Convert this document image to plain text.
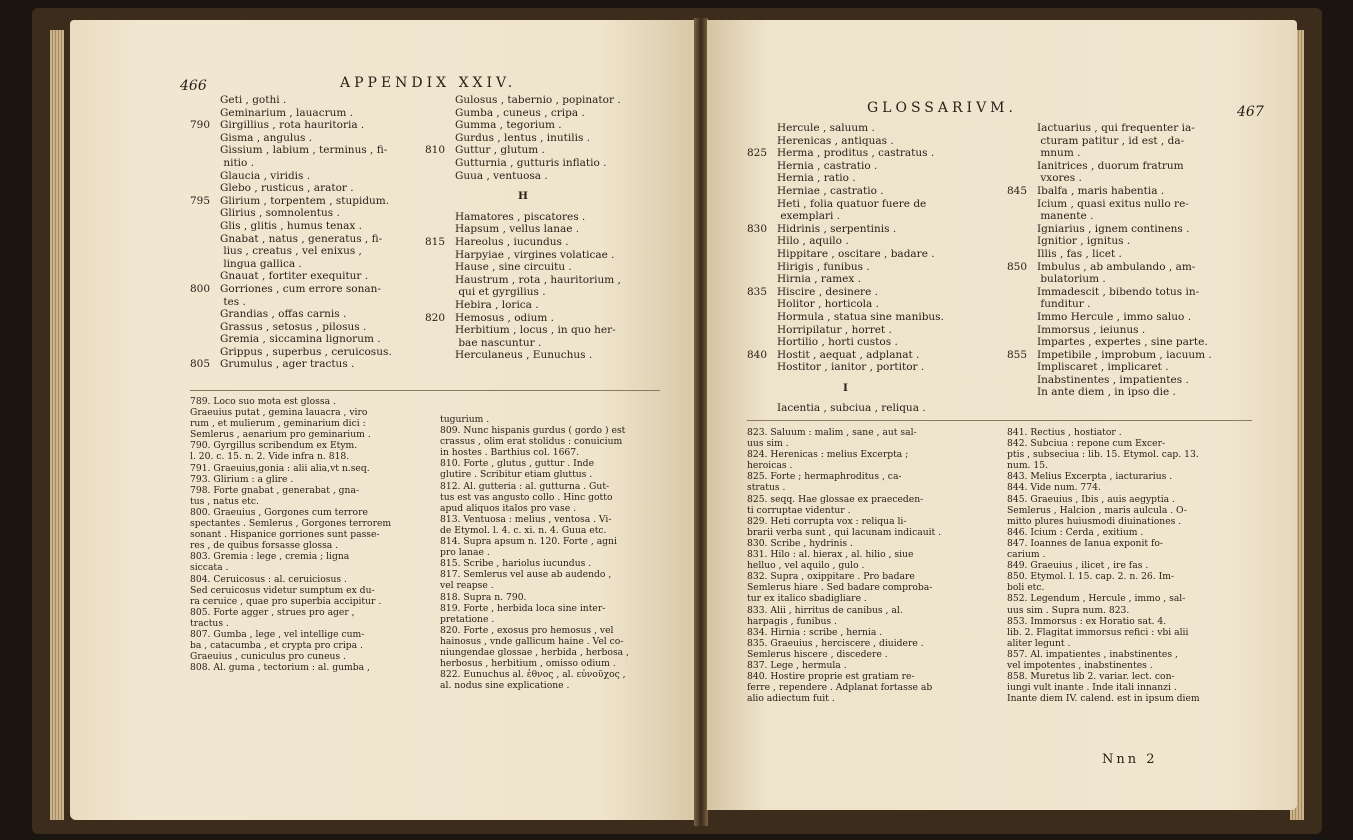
466	APPENDIX XXIV.
Geti , gothi .
Geminarium , lauacrum .
790 Girgillius , rota hauritoria .
Gisma , angulus .
Gissium , labium , terminus , fi-
nitio .
Glaucia , viridis .
Glebo , rusticus , arator .
795 Glirium , torpentem , stupidum.
Glirius , somnolentus .
Glis , glitis , humus tenax .
Gnabat , natus , generatus , fi-
lius , creatus , vel enixus ,
lingua gallica .
Gnauat , fortiter exequitur .
800 Gorriones , cum errore sonan-
tes .
Grandias , offas carnis .
Grassus , setosus , pilosus .
Gremia , siccamina lignorum .
Grippus , superbus , ceruicosus.
805 Grumulus , ager tractus .
Gulosus , tabernio , popinator .
Gumba , cuneus , cripa .
Gumma , tegorium .
Gurdus , lentus , inutilis .
810 Guttur , glutum .
Gutturnia , gutturis inflatio .
Guua , ventuosa .
H
Hamatores , piscatores .
Hapsum , vellus lanae .
815 Hareolus , iucundus .
Harpyiae , virgines volaticae .
Hause , sine circuitu .
Haustrum , rota , hauritorium ,
qui et gyrgilius .
Hebira , lorica .
820 Hemosus , odium .
Herbitium , locus , in quo her-
bae nascuntur .
Herculaneus , Eunuchus .
789. Loco suo mota est glossa .
Graeuius putat , gemina lauacra , viro
rum , et mulierum , geminarium dici :
Semlerus , aenarium pro geminarium .
790. Gyrgillus scribendum ex Etym.
l. 20. c. 15. n. 2. Vide infra n. 818.
791. Graeuius,gonia : alii alia,vt n.seq.
793. Glirium : a glire .
798. Forte gnabat , generabat , gna-
tus , natus etc.
800. Graeuius , Gorgones cum terrore
spectantes . Semlerus , Gorgones terrorem
sonant . Hispanice gorriones sunt passe-
res , de quibus forsasse glossa .
803. Gremia : lege , cremia ; ligna
siccata .
804. Ceruicosus : al. ceruiciosus .
Sed ceruicosus videtur sumptum ex du-
ra ceruice , quae pro superbia accipitur .
805. Forte agger , strues pro ager ,
tractus .
807. Gumba , lege , vel intellige cum-
ba , catacumba , et crypta pro cripa .
Graeuius , cuniculus pro cuneus .
808. Al. guma , tectorium : al. gumba ,
tugurium .
809. Nunc hispanis gurdus ( gordo ) est
crassus , olim erat stolidus : conuicium
in hostes . Barthius col. 1667.
810. Forte , glutus , guttur . Inde
glutire . Scribitur etiam gluttus .
812. Al. gutteria : al. gutturna . Gut-
tus est vas angusto collo . Hinc gotto
apud aliquos italos pro vase .
813. Ventuosa : melius , ventosa . Vi-
de Etymol. l. 4. c. xi. n. 4. Guua etc.
814. Supra apsum n. 120. Forte , agni
pro lanae .
815. Scribe , hariolus iucundus .
817. Semlerus vel ause ab audendo ,
vel reapse .
818. Supra n. 790.
819. Forte , herbida loca sine inter-
pretatione .
820. Forte , exosus pro hemosus , vel
hainosus , vnde gallicum haine . Vel co-
niungendae glossae , herbida , herbosa ,
herbosus , herbitium , omisso odium .
822. Eunuchus al. ἐθνος , al. εὐνοῦχος ,
al. nodus sine explicatione .
GLOSSARIVM.	467
Hercule , saluum .
Herenicas , antiquas .
825 Herma , proditus , castratus .
Hernia , castratio .
Hernia , ratio .
Herniae , castratio .
Heti , folia quatuor fuere de
exemplari .
830 Hidrinis , serpentinis .
Hilo , aquilo .
Hippitare , oscitare , badare .
Hirigis , funibus .
Hirnia , ramex .
835 Hiscire , desinere .
Holitor , horticola .
Hormula , statua sine manibus.
Horripilatur , horret .
Hortilio , horti custos .
840 Hostit , aequat , adplanat .
Hostitor , ianitor , portitor .
I
Iacentia , subciua , reliqua .
Iactuarius , qui frequenter ia-
cturam patitur , id est , da-
mnum .
Ianitrices , duorum fratrum
vxores .
845 Ibalfa , maris habentia .
Icium , quasi exitus nullo re-
manente .
Igniarius , ignem continens .
Ignitior , ignitus .
Illis , fas , licet .
850 Imbulus , ab ambulando , am-
bulatorium .
Immadescit , bibendo totus in-
funditur .
Immo Hercule , immo saluo .
Immorsus , ieiunus .
Impartes , expertes , sine parte.
855 Impetibile , improbum , iacuum .
Impliscaret , implicaret .
Inabstinentes , impatientes .
In ante diem , in ipso die .
823. Saluum : malim , sane , aut sal-
uus sim .
824. Herenicas : melius Excerpta ;
heroicas .
825. Forte ; hermaphroditus , ca-
stratus .
825. seqq. Hae glossae ex praeceden-
ti corruptae videntur .
829. Heti corrupta vox : reliqua li-
brarii verba sunt , qui lacunam indicauit .
830. Scribe , hydrinis .
831. Hilo : al. hierax , al. hilio , siue
helluo , vel aquilo , gulo .
832. Supra , oxippitare . Pro badare
Semlerus hiare . Sed badare comproba-
tur ex italico sbadigliare .
833. Alii , hirritus de canibus , al.
harpagis , funibus .
834. Hirnia : scribe , hernia .
835. Graeuius , herciscere , diuidere .
Semlerus hiscere , discedere .
837. Lege , hermula .
840. Hostire proprie est gratiam re-
ferre , rependere . Adplanat fortasse ab
alio adiectum fuit .
841. Rectius , hostiator .
842. Subciua : repone cum Excer-
ptis , subseciua : lib. 15. Etymol. cap. 13.
num. 15.
843. Melius Excerpta , iacturarius .
844. Vide num. 774.
845. Graeuius , Ibis , auis aegyptia .
Semlerus , Halcion , maris aulcula . O-
mitto plures huiusmodi diuinationes .
846. Icium : Cerda , exitium .
847. Ioannes de Ianua exponit fo-
carium .
849. Graeuius , ilicet , ire fas .
850. Etymol. l. 15. cap. 2. n. 26. Im-
boli etc.
852. Legendum , Hercule , immo , sal-
uus sim . Supra num. 823.
853. Immorsus : ex Horatio sat. 4.
lib. 2. Flagitat immorsus refici : vbi alii
aliter legunt .
857. Al. impatientes , inabstinentes ,
vel impotentes , inabstinentes .
858. Muretus lib 2. variar. lect. con-
iungi vult inante . Inde itali innanzi .
Inante diem IV. calend. est in ipsum diem
Nnn 2
